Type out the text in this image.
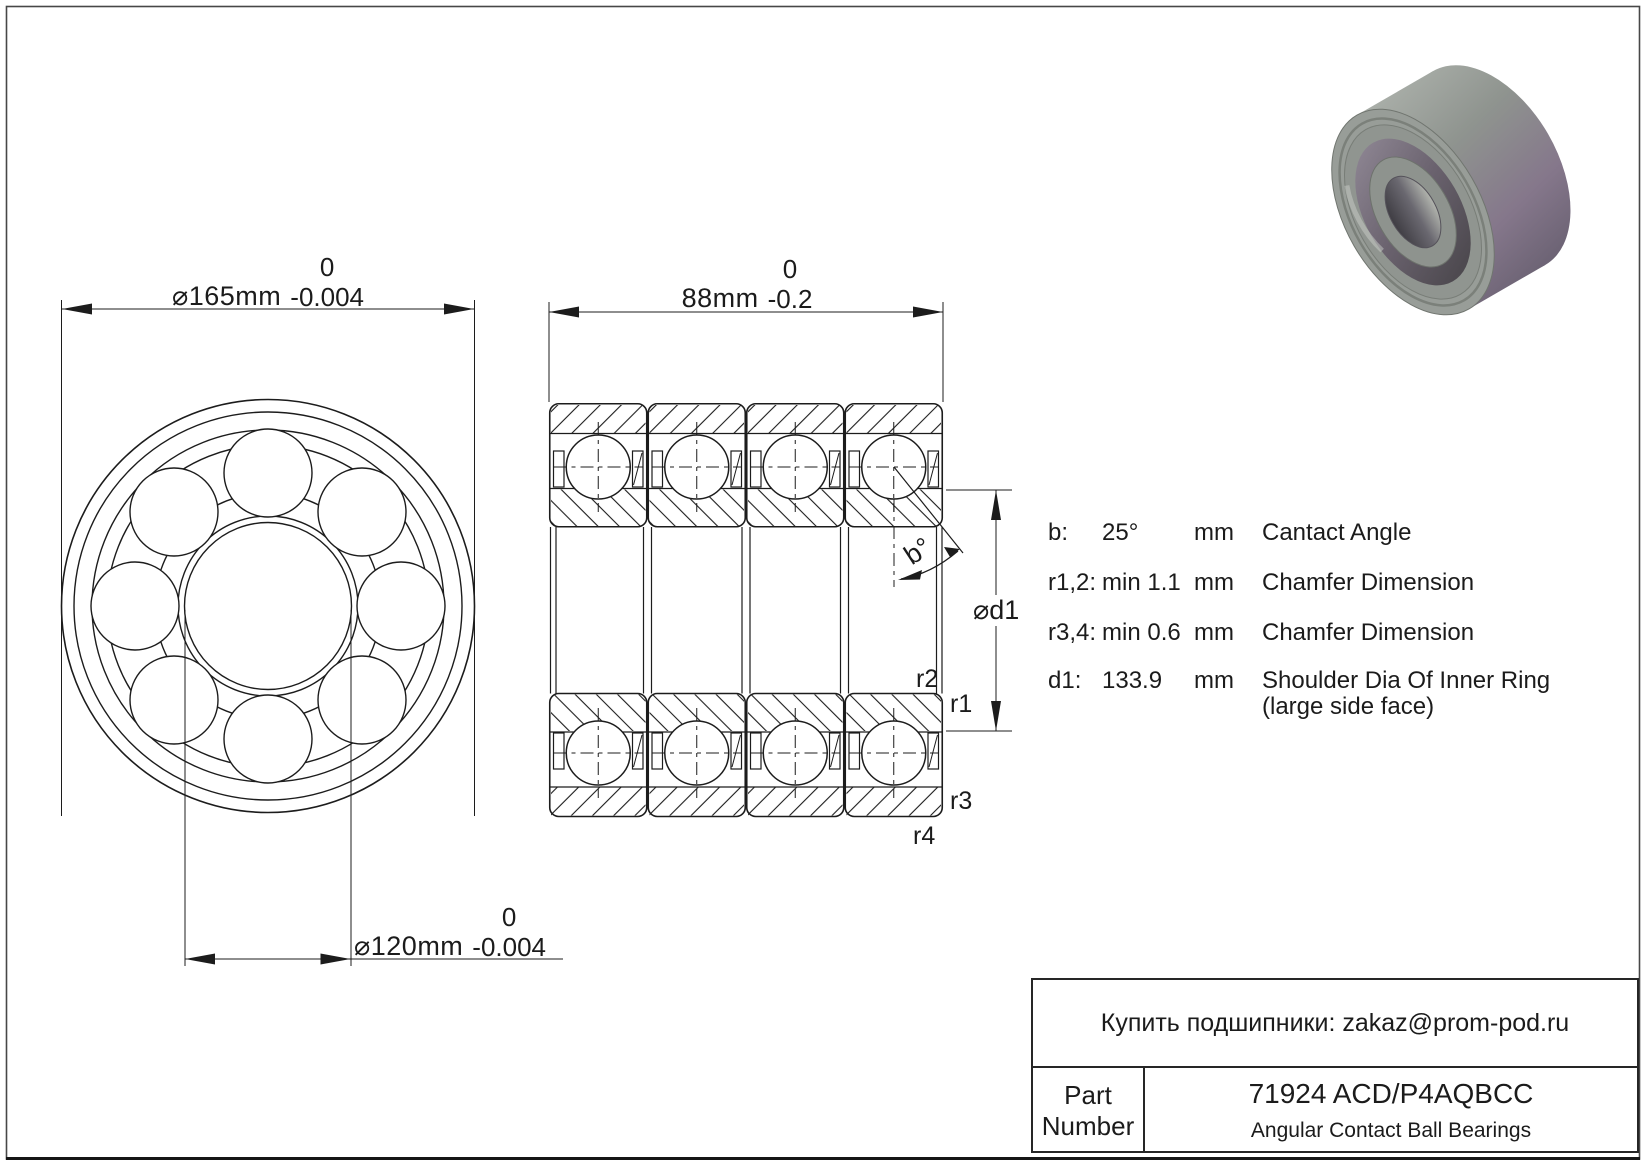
⌀165mm
0
-0.004	88mm
0
-0.2
⌀120mm
0
-0.004
b°
⌀d1
r2
r1
r3
r4
b: 25° mm Cantact Angle
r1,2: min 1.1 mm Chamfer Dimension
r3,4: min 0.6 mm Chamfer Dimension
d1: 133.9 mm Shoulder Dia Of Inner Ring
(large side face)
Купить подшипники: zakaz@prom-pod.ru
Part
Number
71924 ACD/P4AQBCC
Angular Contact Ball Bearings
